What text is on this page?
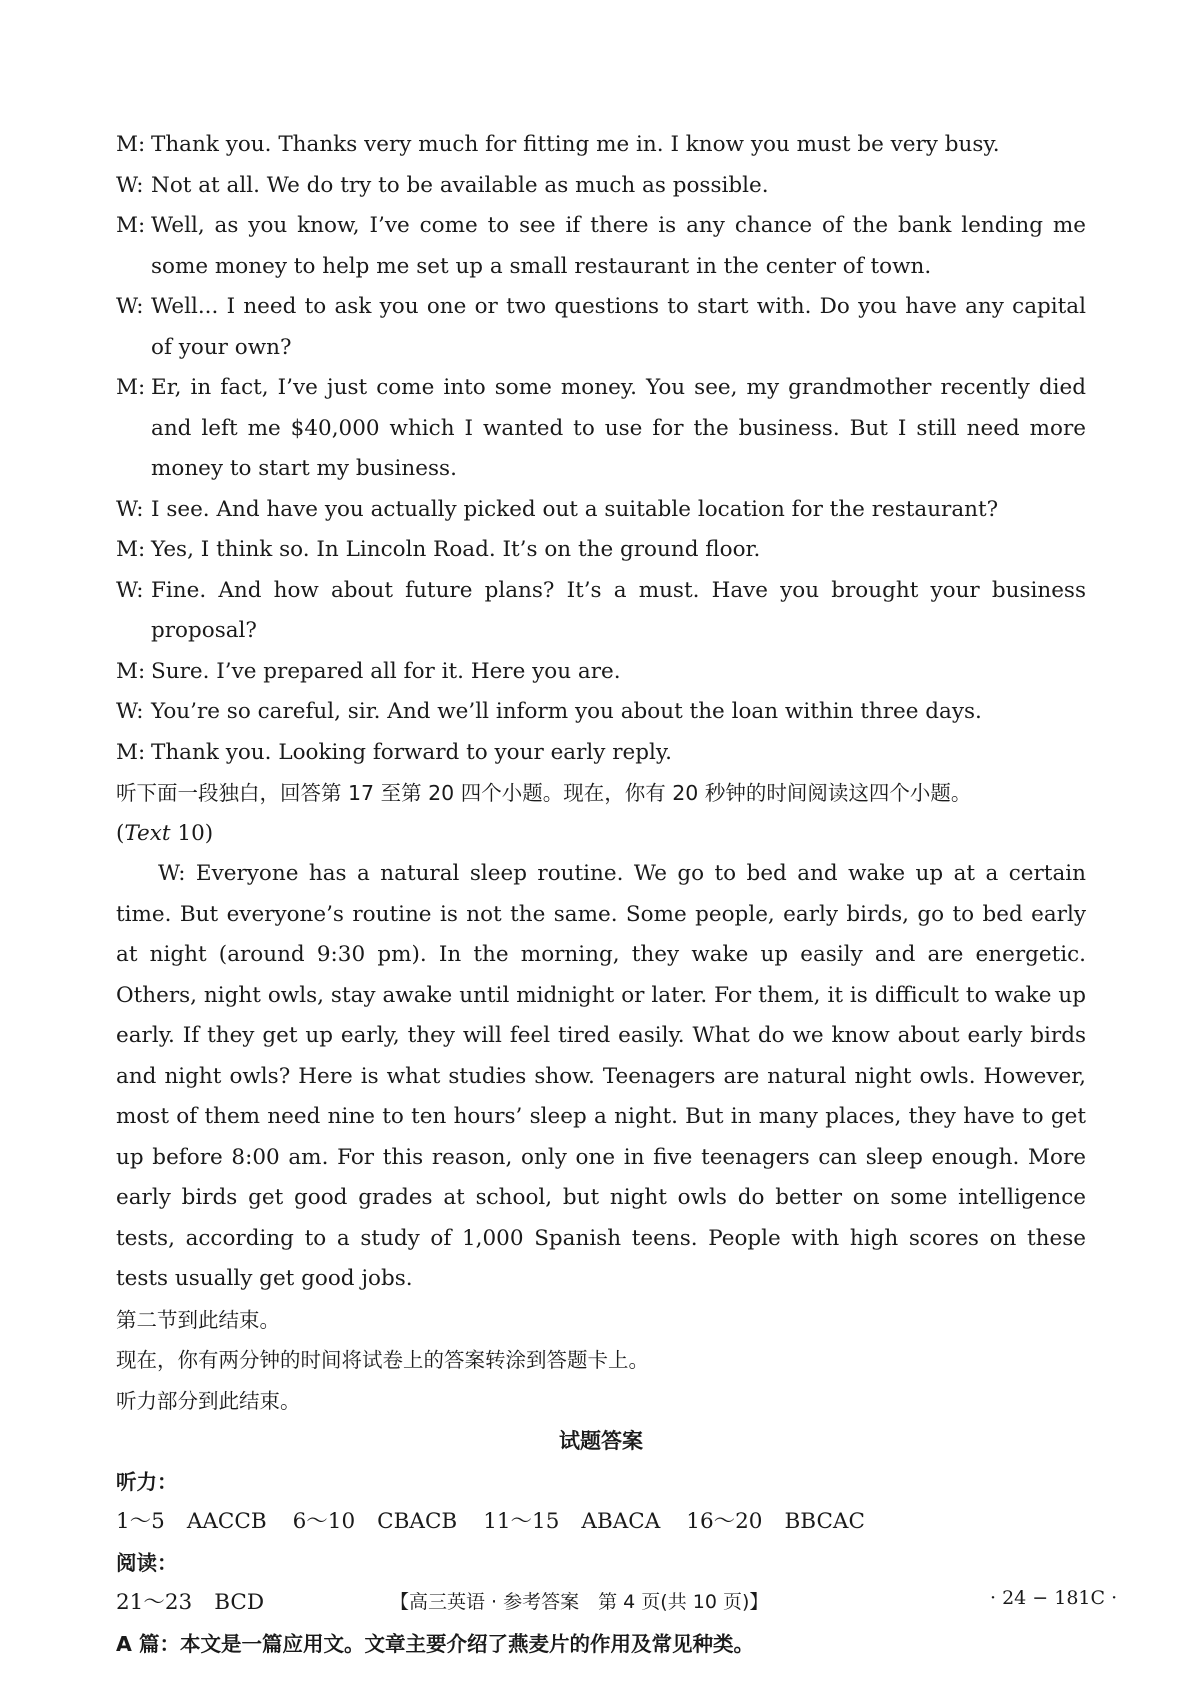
M: Thank you. Thanks very much for fitting me in. I know you must be very busy.

W: Not at all. We do try to be available as much as possible.

M: Well, as you know, I’ve come to see if there is any chance of the bank lending me some money to help me set up a small restaurant in the center of town.

W: Well... I need to ask you one or two questions to start with. Do you have any capital of your own?

M: Er, in fact, I’ve just come into some money. You see, my grandmother recently died and left me $40,000 which I wanted to use for the business. But I still need more money to start my business.

W: I see. And have you actually picked out a suitable location for the restaurant?

M: Yes, I think so. In Lincoln Road. It’s on the ground floor.

W: Fine. And how about future plans? It’s a must. Have you brought your business proposal?

M: Sure. I’ve prepared all for it. Here you are.

W: You’re so careful, sir. And we’ll inform you about the loan within three days.

M: Thank you. Looking forward to your early reply.

听下面一段独白，回答第 17 至第 20 四个小题。现在，你有 20 秒钟的时间阅读这四个小题。

(Text 10)

W: Everyone has a natural sleep routine. We go to bed and wake up at a certain time. But everyone’s routine is not the same. Some people, early birds, go to bed early at night (around 9:30 pm). In the morning, they wake up easily and are energetic. Others, night owls, stay awake until midnight or later. For them, it is difficult to wake up early. If they get up early, they will feel tired easily. What do we know about early birds and night owls? Here is what studies show. Teenagers are natural night owls. However, most of them need nine to ten hours’ sleep a night. But in many places, they have to get up before 8:00 am. For this reason, only one in five teenagers can sleep enough. More early birds get good grades at school, but night owls do better on some intelligence tests, according to a study of 1,000 Spanish teens. People with high scores on these tests usually get good jobs.

第二节到此结束。

现在，你有两分钟的时间将试卷上的答案转涂到答题卡上。

听力部分到此结束。

试题答案

听力：

1～5 AACCB 6～10 CBACB 11～15 ABACA 16～20 BBCAC

阅读：

21～23 BCD

A 篇：本文是一篇应用文。文章主要介绍了燕麦片的作用及常见种类。

【高三英语 · 参考答案　第 4 页(共 10 页)】	· 24 − 181C ·
